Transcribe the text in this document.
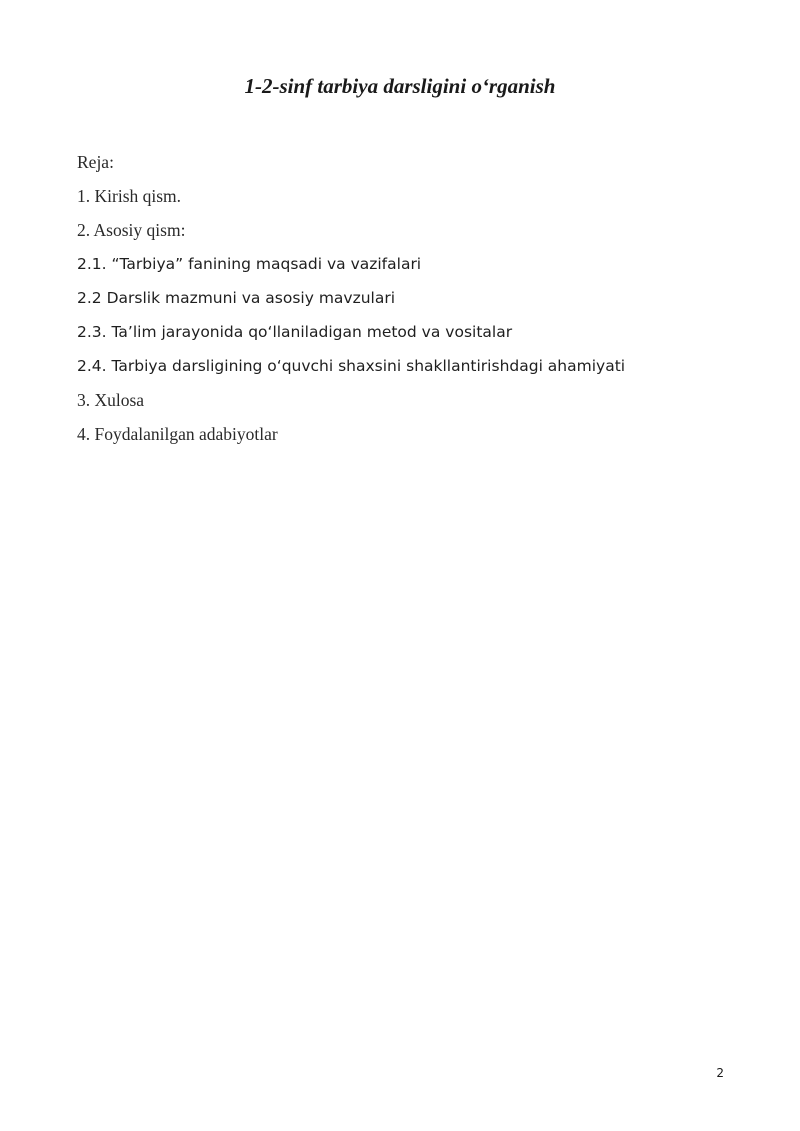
1-2-sinf tarbiya darsligini o‘rganish
Reja:
1. Kirish qism.
2. Asosiy qism:
2.1. “Tarbiya” fanining maqsadi va vazifalari
2.2 Darslik mazmuni va asosiy mavzulari
2.3. Ta’lim jarayonida qo‘llaniladigan metod va vositalar
2.4. Tarbiya darsligining o‘quvchi shaxsini shakllantirishdagi ahamiyati
3. Xulosa
4. Foydalanilgan adabiyotlar
2
